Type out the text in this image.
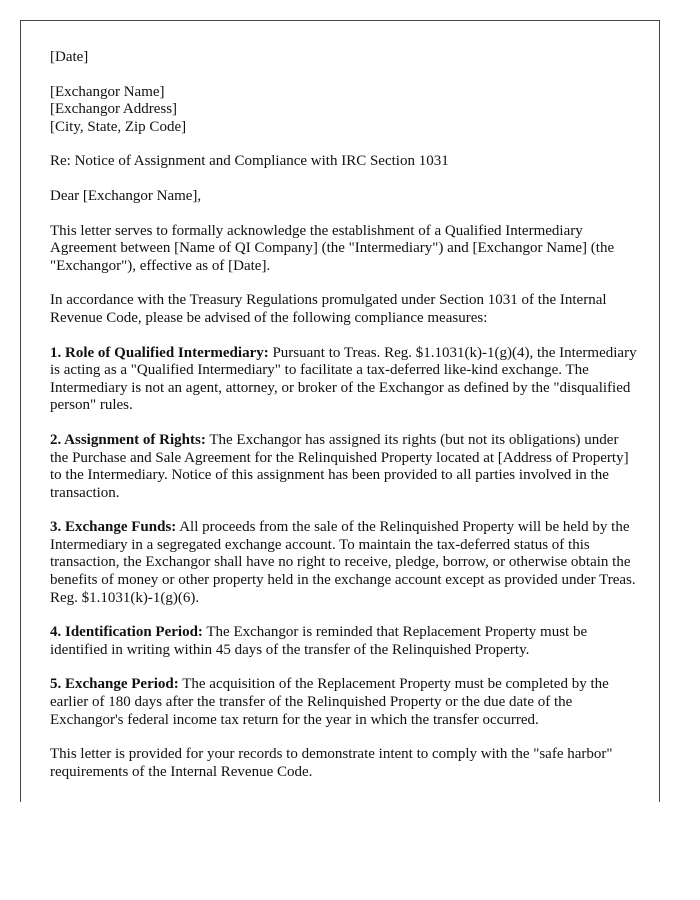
[Date]

[Exchangor Name]
[Exchangor Address]
[City, State, Zip Code]

Re: Notice of Assignment and Compliance with IRC Section 1031

Dear [Exchangor Name],

This letter serves to formally acknowledge the establishment of a Qualified Intermediary Agreement between [Name of QI Company] (the "Intermediary") and [Exchangor Name] (the "Exchangor"), effective as of [Date].

In accordance with the Treasury Regulations promulgated under Section 1031 of the Internal Revenue Code, please be advised of the following compliance measures:

1. Role of Qualified Intermediary: Pursuant to Treas. Reg. $1.1031(k)-1(g)(4), the Intermediary is acting as a "Qualified Intermediary" to facilitate a tax-deferred like-kind exchange. The Intermediary is not an agent, attorney, or broker of the Exchangor as defined by the "disqualified person" rules.

2. Assignment of Rights: The Exchangor has assigned its rights (but not its obligations) under the Purchase and Sale Agreement for the Relinquished Property located at [Address of Property] to the Intermediary. Notice of this assignment has been provided to all parties involved in the transaction.

3. Exchange Funds: All proceeds from the sale of the Relinquished Property will be held by the Intermediary in a segregated exchange account. To maintain the tax-deferred status of this transaction, the Exchangor shall have no right to receive, pledge, borrow, or otherwise obtain the benefits of money or other property held in the exchange account except as provided under Treas. Reg. $1.1031(k)-1(g)(6).

4. Identification Period: The Exchangor is reminded that Replacement Property must be identified in writing within 45 days of the transfer of the Relinquished Property.

5. Exchange Period: The acquisition of the Replacement Property must be completed by the earlier of 180 days after the transfer of the Relinquished Property or the due date of the Exchangor's federal income tax return for the year in which the transfer occurred.

This letter is provided for your records to demonstrate intent to comply with the "safe harbor" requirements of the Internal Revenue Code.
